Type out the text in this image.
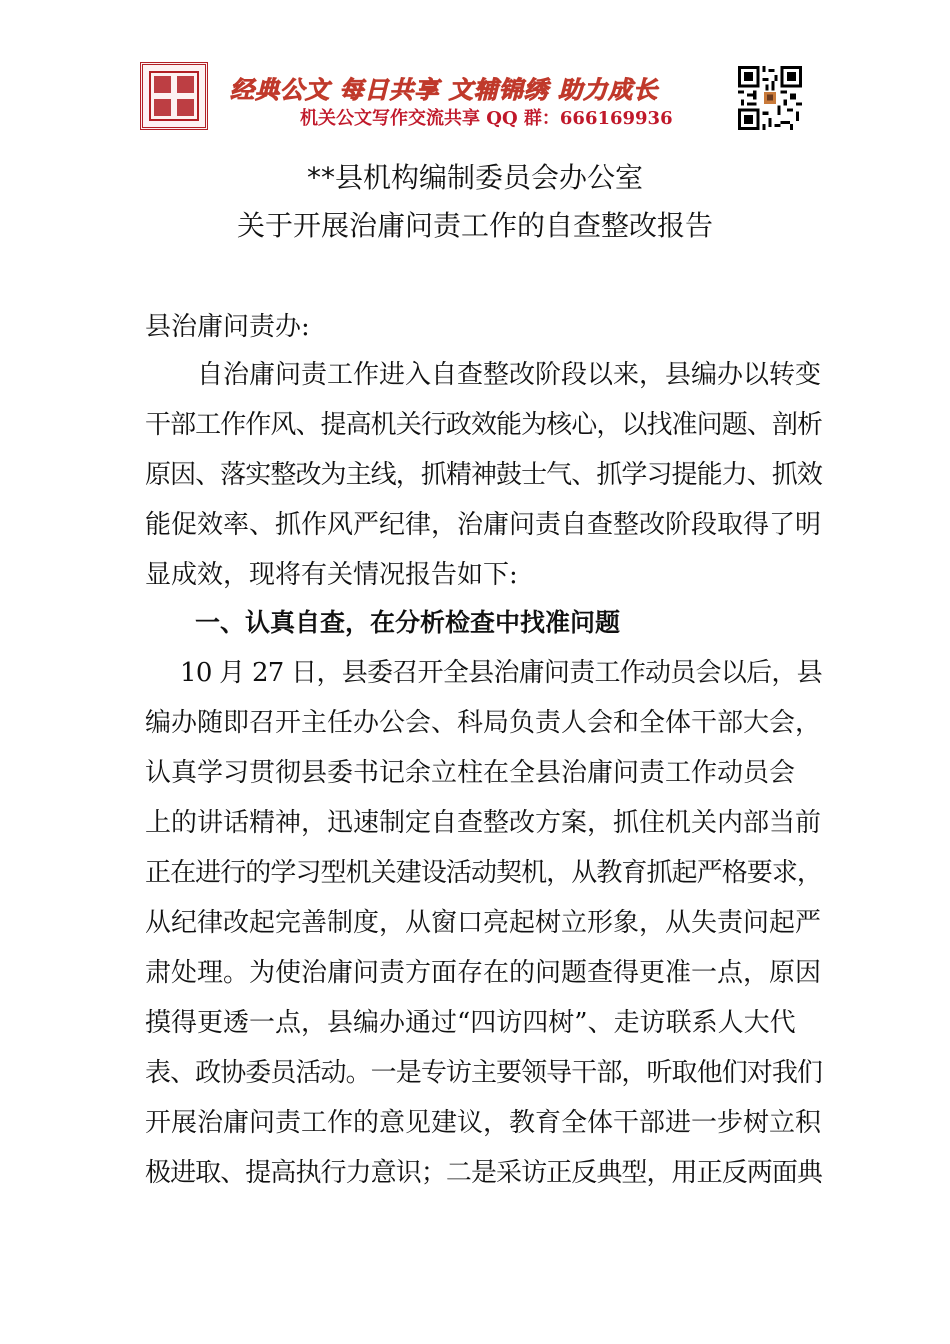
经典公文 每日共享 文辅锦绣 助力成长
机关公文写作交流共享 QQ 群：666169936
**县机构编制委员会办公室
关于开展治庸问责工作的自查整改报告
县治庸问责办:
自治庸问责工作进入自查整改阶段以来，县编办以转变
干部工作作风、提高机关行政效能为核心，以找准问题、剖析
原因、落实整改为主线，抓精神鼓士气、抓学习提能力、抓效
能促效率、抓作风严纪律，治庸问责自查整改阶段取得了明
显成效，现将有关情况报告如下:
一、认真自查，在分析检查中找准问题
10 月 27 日，县委召开全县治庸问责工作动员会以后，县
编办随即召开主任办公会、科局负责人会和全体干部大会，
认真学习贯彻县委书记余立柱在全县治庸问责工作动员会
上的讲话精神，迅速制定自查整改方案，抓住机关内部当前
正在进行的学习型机关建设活动契机，从教育抓起严格要求，
从纪律改起完善制度，从窗口亮起树立形象，从失责问起严
肃处理。为使治庸问责方面存在的问题查得更准一点，原因
摸得更透一点，县编办通过“四访四树”、走访联系人大代
表、政协委员活动。一是专访主要领导干部，听取他们对我们
开展治庸问责工作的意见建议，教育全体干部进一步树立积
极进取、提高执行力意识；二是采访正反典型，用正反两面典
